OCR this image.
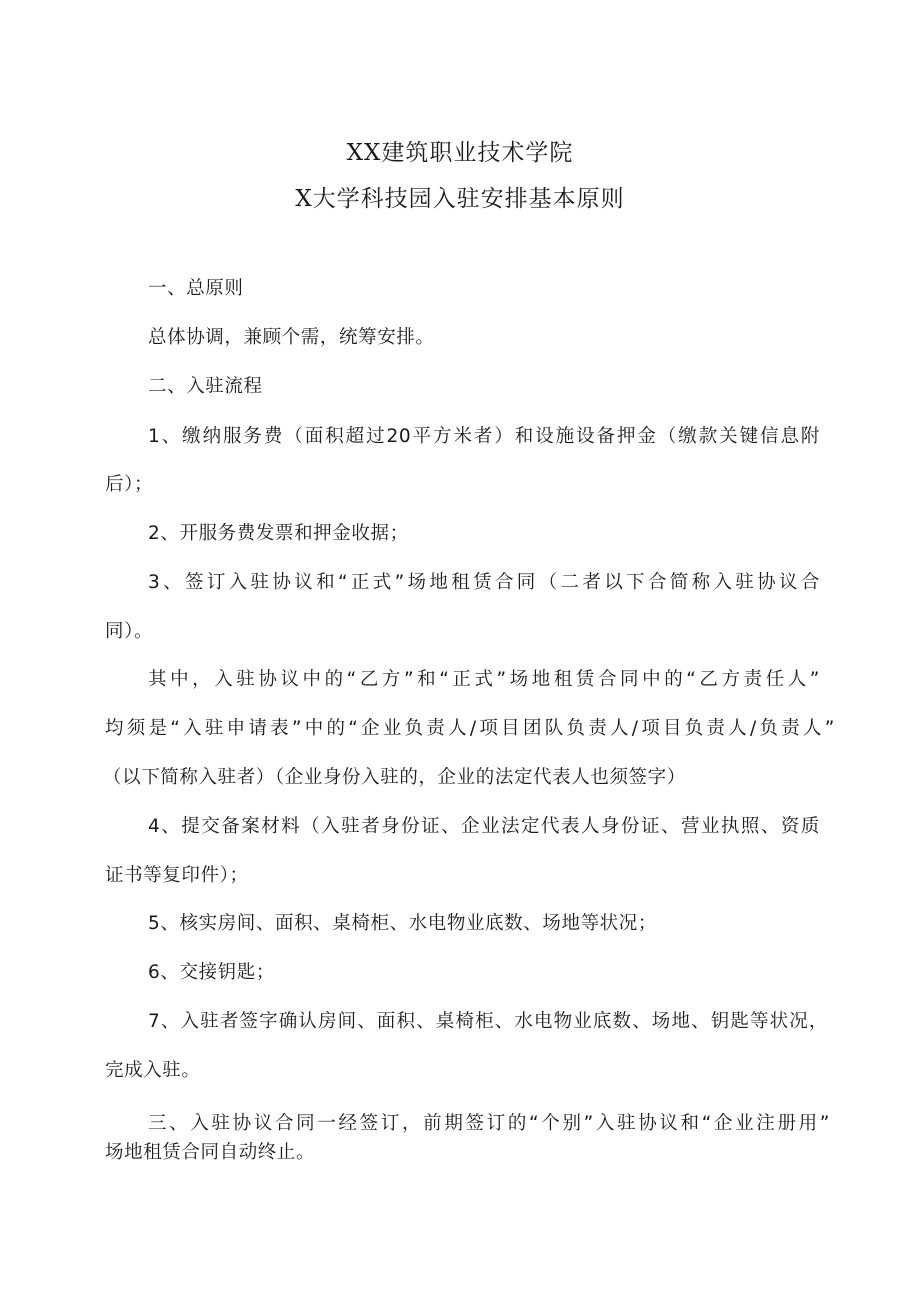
XX建筑职业技术学院
X大学科技园入驻安排基本原则
一、总原则
总体协调，兼顾个需，统筹安排。
二、入驻流程
1、缴纳服务费（面积超过20平方米者）和设施设备押金（缴款关键信息附
后）；
2、开服务费发票和押金收据；
3、签订入驻协议和“正式”场地租赁合同（二者以下合简称入驻协议合
同）。
其中，入驻协议中的“乙方”和“正式”场地租赁合同中的“乙方责任人”
均须是“入驻申请表”中的“企业负责人/项目团队负责人/项目负责人/负责人”
（以下简称入驻者）（企业身份入驻的，企业的法定代表人也须签字）
4、提交备案材料（入驻者身份证、企业法定代表人身份证、营业执照、资质
证书等复印件）；
5、核实房间、面积、桌椅柜、水电物业底数、场地等状况；
6、交接钥匙；
7、入驻者签字确认房间、面积、桌椅柜、水电物业底数、场地、钥匙等状况，
完成入驻。
三、入驻协议合同一经签订，前期签订的“个别”入驻协议和“企业注册用”
场地租赁合同自动终止。
